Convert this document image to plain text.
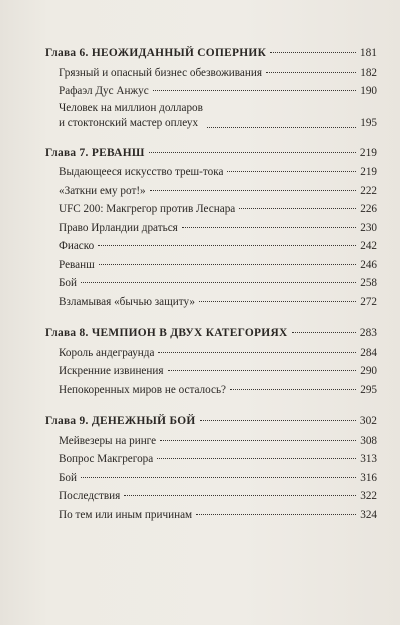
Глава 6. НЕОЖИДАННЫЙ СОПЕРНИК	181
Грязный и опасный бизнес обезвоживания	182
Рафаэл Дус Анжус	190
Человек на миллион долларов
и стоктонский мастер оплеух	195
Глава 7. РЕВАНШ	219
Выдающееся искусство треш-тока	219
«Заткни ему рот!»	222
UFC 200: Макгрегор против Леснара	226
Право Ирландии драться	230
Фиаско	242
Реванш	246
Бой	258
Взламывая «бычью защиту»	272
Глава 8. ЧЕМПИОН В ДВУХ КАТЕГОРИЯХ	283
Король андеграунда	284
Искренние извинения	290
Непокоренных миров не осталось?	295
Глава 9. ДЕНЕЖНЫЙ БОЙ	302
Мейвезеры на ринге	308
Вопрос Макгрегора	313
Бой	316
Последствия	322
По тем или иным причинам	324
